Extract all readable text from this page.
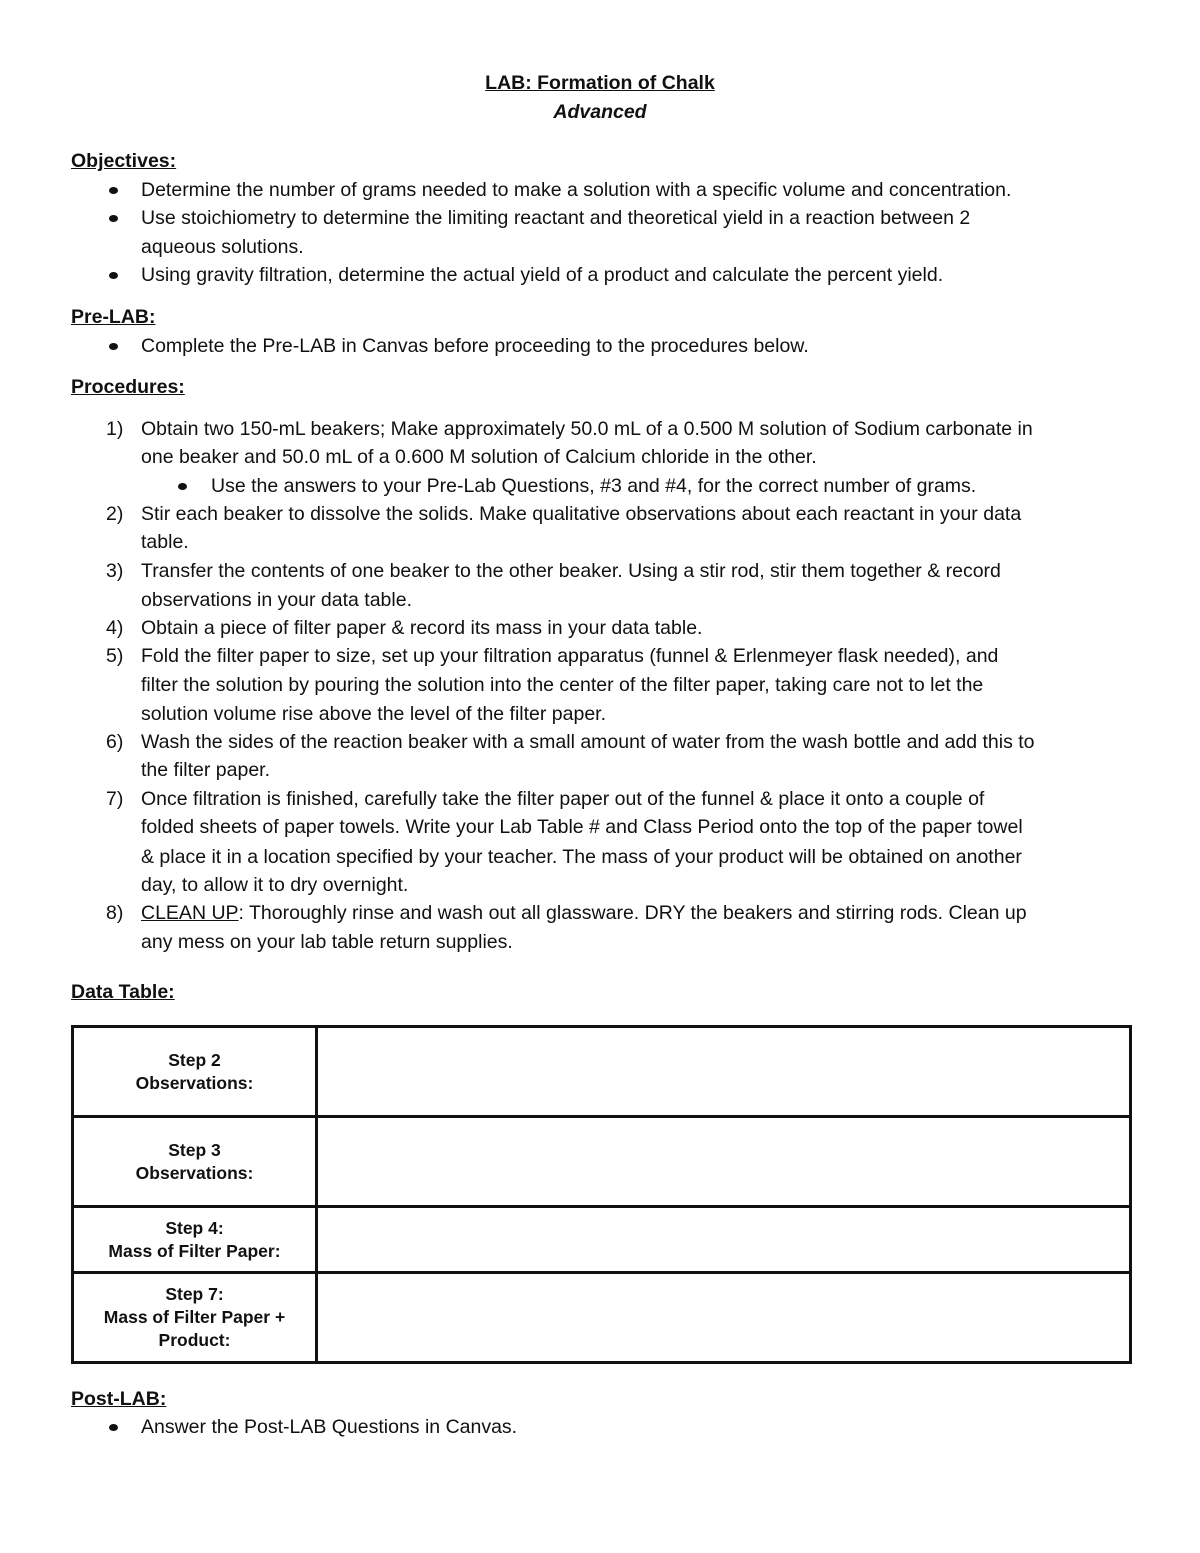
LAB: Formation of Chalk
Advanced
Objectives:
Determine the number of grams needed to make a solution with a specific volume and concentration.
Use stoichiometry to determine the limiting reactant and theoretical yield in a reaction between 2
aqueous solutions.
Using gravity filtration, determine the actual yield of a product and calculate the percent yield.
Pre-LAB:
Complete the Pre-LAB in Canvas before proceeding to the procedures below.
Procedures:
1) Obtain two 150-mL beakers; Make approximately 50.0 mL of a 0.500 M solution of Sodium carbonate in
one beaker and 50.0 mL of a 0.600 M solution of Calcium chloride in the other.
Use the answers to your Pre-Lab Questions, #3 and #4, for the correct number of grams.
2) Stir each beaker to dissolve the solids. Make qualitative observations about each reactant in your data
table.
3) Transfer the contents of one beaker to the other beaker. Using a stir rod, stir them together & record
observations in your data table.
4) Obtain a piece of filter paper & record its mass in your data table.
5) Fold the filter paper to size, set up your filtration apparatus (funnel & Erlenmeyer flask needed), and
filter the solution by pouring the solution into the center of the filter paper, taking care not to let the
solution volume rise above the level of the filter paper.
6) Wash the sides of the reaction beaker with a small amount of water from the wash bottle and add this to
the filter paper.
7) Once filtration is finished, carefully take the filter paper out of the funnel & place it onto a couple of
folded sheets of paper towels. Write your Lab Table # and Class Period onto the top of the paper towel
& place it in a location specified by your teacher. The mass of your product will be obtained on another
day, to allow it to dry overnight.
8) CLEAN UP: Thoroughly rinse and wash out all glassware. DRY the beakers and stirring rods. Clean up
any mess on your lab table return supplies.
Data Table:
Step 2
Observations:	

Step 3
Observations:	

Step 4:
Mass of Filter Paper:	

Step 7:
Mass of Filter Paper +
Product:	

Post-LAB:
Answer the Post-LAB Questions in Canvas.
